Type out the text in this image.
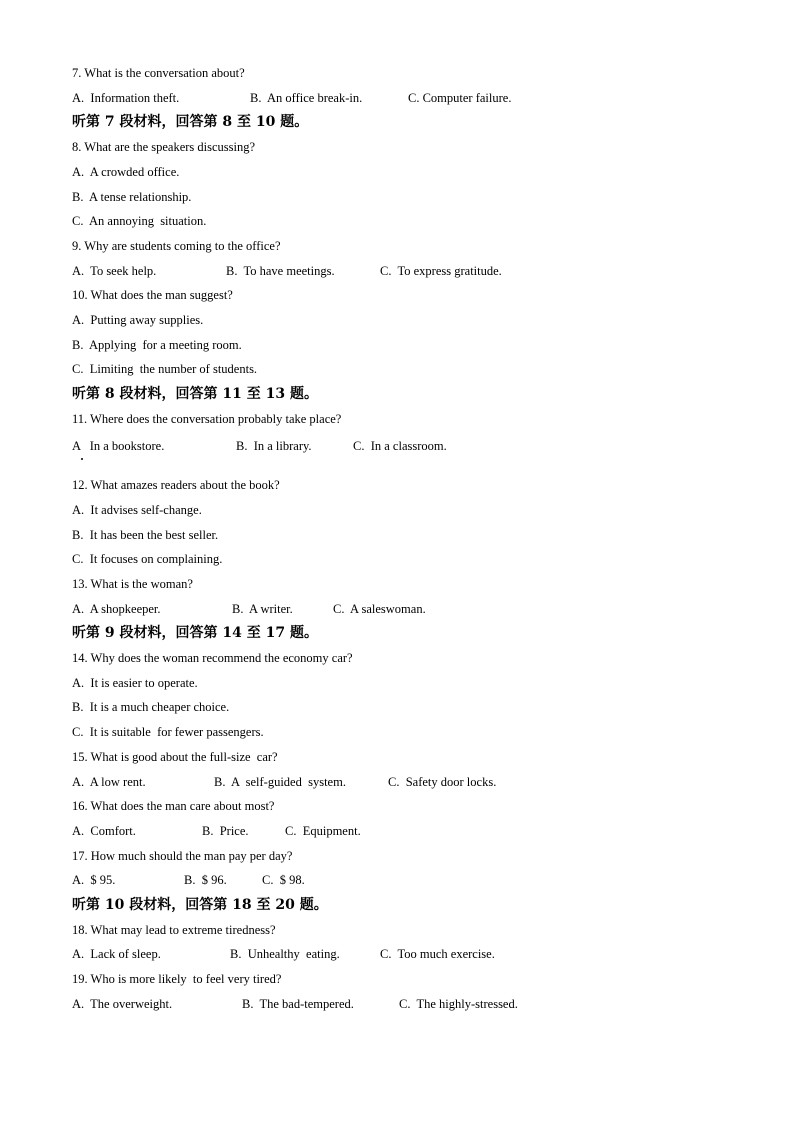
7. What is the conversation about?
A.  Information theft.	B.  An office break-in.	C. Computer failure.
听第 7 段材料，回答第 8 至 10 题。
8. What are the speakers discussing?
A.  A crowded office.
B.  A tense relationship.
C.  An annoying  situation.
9. Why are students coming to the office?
A.  To seek help.	B.  To have meetings.	C.  To express gratitude.
10. What does the man suggest?
A.  Putting away supplies.
B.  Applying  for a meeting room.
C.  Limiting  the number of students.
听第 8 段材料，回答第 11 至 13 题。
11. Where does the conversation probably take place?
A   In a bookstore.	B.  In a library.	C.  In a classroom.
12. What amazes readers about the book?
A.  It advises self-change.
B.  It has been the best seller.
C.  It focuses on complaining.
13. What is the woman?
A.  A shopkeeper.	B.  A writer.	C.  A saleswoman.
听第 9 段材料，回答第 14 至 17 题。
14. Why does the woman recommend the economy car?
A.  It is easier to operate.
B.  It is a much cheaper choice.
C.  It is suitable  for fewer passengers.
15. What is good about the full-size  car?
A.  A low rent.	B.  A  self-guided  system.	C.  Safety door locks.
16. What does the man care about most?
A.  Comfort.	B.  Price.	C.  Equipment.
17. How much should the man pay per day?
A.  $ 95.	B.  $ 96.	C.  $ 98.
听第 10 段材料，回答第 18 至 20 题。
18. What may lead to extreme tiredness?
A.  Lack of sleep.	B.  Unhealthy  eating.	C.  Too much exercise.
19. Who is more likely  to feel very tired?
A.  The overweight.	B.  The bad-tempered.	C.  The highly-stressed.
